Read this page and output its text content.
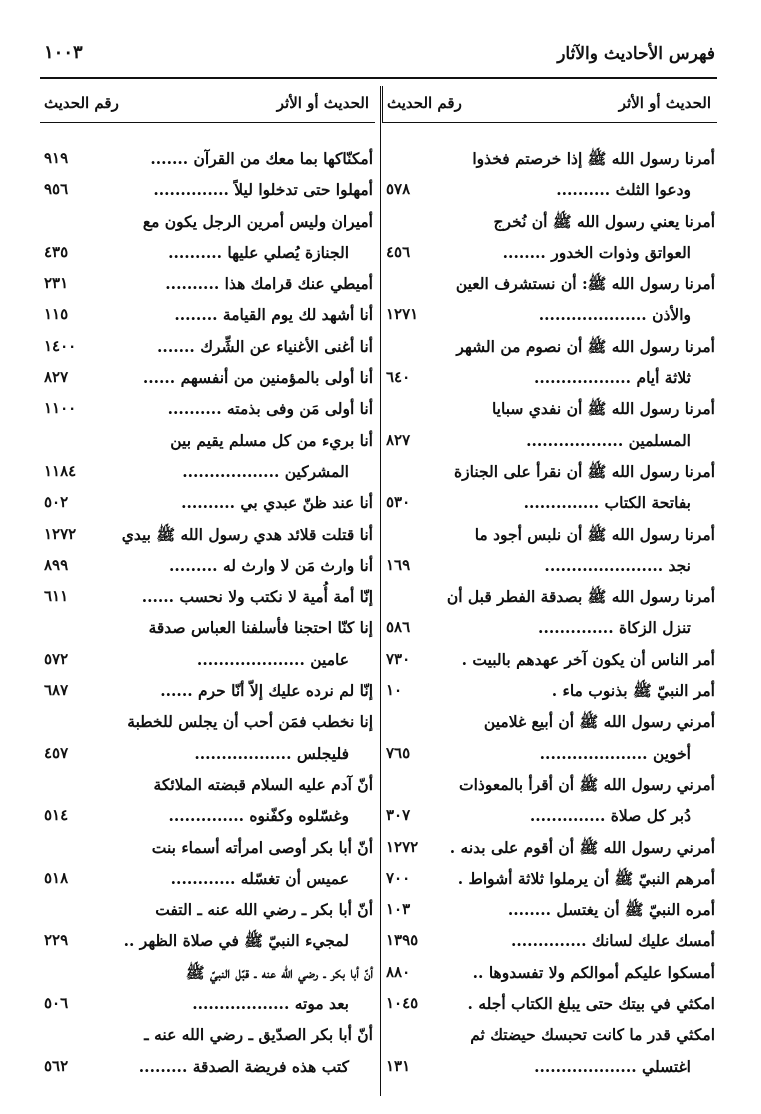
فهرس الأحاديث والآثار
١٠٠٣
الحديث أو الأثر
رقم الحديث
أمرنا رسول الله ﷺ إذا خرصتم فخذوا
ودعوا الثلث ..........
٥٧٨
أمرنا يعني رسول الله ﷺ أن نُخرج
العواتق وذوات الخدور ........
٤٥٦
أمرنا رسول الله ﷺ: أن نستشرف العين
والأذن ....................
١٢٧١
أمرنا رسول الله ﷺ أن نصوم من الشهر
ثلاثة أيام ..................
٦٤٠
أمرنا رسول الله ﷺ أن نفدي سبايا
المسلمين ..................
٨٢٧
أمرنا رسول الله ﷺ أن نقرأ على الجنازة
بفاتحة الكتاب ..............
٥٣٠
أمرنا رسول الله ﷺ أن نلبس أجود ما
نجد ......................
١٦٩
أمرنا رسول الله ﷺ بصدقة الفطر قبل أن
تنزل الزكاة ..............
٥٨٦
أمر الناس أن يكون آخر عهدهم بالبيت .
٧٣٠
أمر النبيّ ﷺ بذنوب ماء .
١٠
أمرني رسول الله ﷺ أن أبيع غلامين
أخوين ....................
٧٦٥
أمرني رسول الله ﷺ أن أقرأ بالمعوذات
دُبر كل صلاة ..............
٣٠٧
أمرني رسول الله ﷺ أن أقوم على بدنه .
١٢٧٢
أمرهم النبيّ ﷺ أن يرملوا ثلاثة أشواط .
٧٠٠
أمره النبيّ ﷺ أن يغتسل ........
١٠٣
أمسك عليك لسانك ..............
١٣٩٥
أمسكوا عليكم أموالكم ولا تفسدوها ..
٨٨٠
امكثي في بيتك حتى يبلغ الكتاب أجله .
١٠٤٥
امكثي قدر ما كانت تحبسك حيضتك ثم
اغتسلي ...................
١٣١
الحديث أو الأثر
رقم الحديث
أمكنّاكها بما معك من القرآن .......
٩١٩
أمهلوا حتى تدخلوا ليلاً ..............
٩٥٦
أميران وليس أمرين الرجل يكون مع
الجنازة يُصلي عليها ..........
٤٣٥
أميطي عنك قرامك هذا ..........
٢٣١
أنا أشهد لك يوم القيامة ........
١١٥
أنا أغنى الأغنياء عن الشِّرك .......
١٤٠٠
أنا أولى بالمؤمنين من أنفسهم ......
٨٢٧
أنا أولى مَن وفى بذمته ..........
١١٠٠
أنا بريء من كل مسلم يقيم بين
المشركين ..................
١١٨٤
أنا عند ظنّ عبدي بي ..........
٥٠٢
أنا قتلت قلائد هدي رسول الله ﷺ بيدي
١٢٧٢
أنا وارث مَن لا وارث له .........
٨٩٩
إنّا أمة أُمية لا نكتب ولا نحسب ......
٦١١
إنا كنّا احتجنا فأسلفنا العباس صدقة
عامين ....................
٥٧٢
إنّا لم نرده عليك إلاّ أنّا حرم ......
٦٨٧
إنا نخطب فمَن أحب أن يجلس للخطبة
فليجلس ..................
٤٥٧
أنّ آدم عليه السلام قبضته الملائكة
وغسّلوه وكفّنوه ..............
٥١٤
أنّ أبا بكر أوصى امرأته أسماء بنت
عميس أن تغسّله ............
٥١٨
أنّ أبا بكر ـ رضي الله عنه ـ التفت
لمجيء النبيّ ﷺ في صلاة الظهر ..
٢٢٩
أنّ أبا بكر ـ رضي الله عنه ـ قبّل النبيّ ﷺ
بعد موته ..................
٥٠٦
أنّ أبا بكر الصدّيق ـ رضي الله عنه ـ
كتب هذه فريضة الصدقة .........
٥٦٢
